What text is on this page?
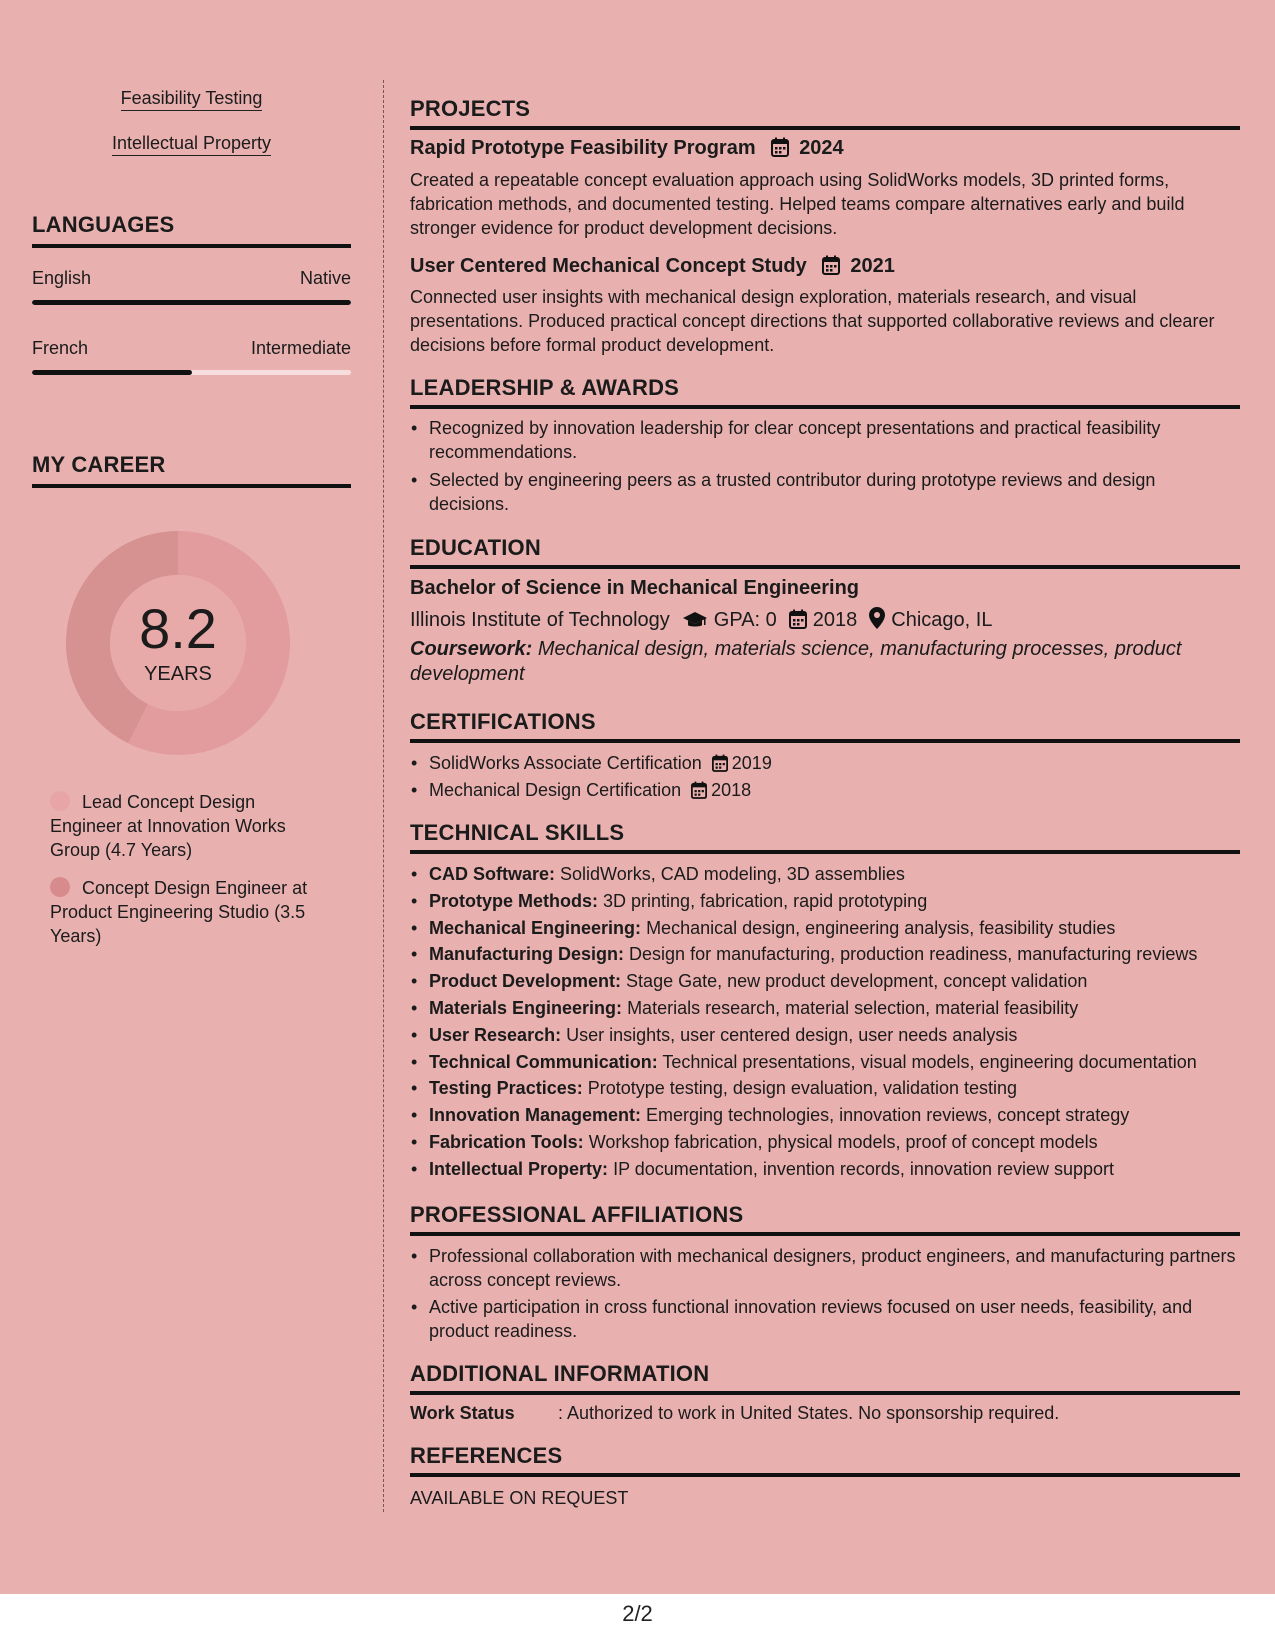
Feasibility Testing
Intellectual Property
LANGUAGES
English	Native
French	Intermediate
MY CAREER
8.2
YEARS
Lead Concept Design Engineer at Innovation Works Group (4.7 Years)
Concept Design Engineer at Product Engineering Studio (3.5 Years)
PROJECTS
Rapid Prototype Feasibility Program 2024
Created a repeatable concept evaluation approach using SolidWorks models, 3D printed forms, fabrication methods, and documented testing. Helped teams compare alternatives early and build stronger evidence for product development decisions.
User Centered Mechanical Concept Study 2021
Connected user insights with mechanical design exploration, materials research, and visual presentations. Produced practical concept directions that supported collaborative reviews and clearer decisions before formal product development.
LEADERSHIP & AWARDS
• Recognized by innovation leadership for clear concept presentations and practical feasibility recommendations.
• Selected by engineering peers as a trusted contributor during prototype reviews and design decisions.
EDUCATION
Bachelor of Science in Mechanical Engineering
Illinois Institute of Technology GPA: 0 2018 Chicago, IL
Coursework: Mechanical design, materials science, manufacturing processes, product development
CERTIFICATIONS
• SolidWorks Associate Certification 2019
• Mechanical Design Certification 2018
TECHNICAL SKILLS
• CAD Software: SolidWorks, CAD modeling, 3D assemblies
• Prototype Methods: 3D printing, fabrication, rapid prototyping
• Mechanical Engineering: Mechanical design, engineering analysis, feasibility studies
• Manufacturing Design: Design for manufacturing, production readiness, manufacturing reviews
• Product Development: Stage Gate, new product development, concept validation
• Materials Engineering: Materials research, material selection, material feasibility
• User Research: User insights, user centered design, user needs analysis
• Technical Communication: Technical presentations, visual models, engineering documentation
• Testing Practices: Prototype testing, design evaluation, validation testing
• Innovation Management: Emerging technologies, innovation reviews, concept strategy
• Fabrication Tools: Workshop fabrication, physical models, proof of concept models
• Intellectual Property: IP documentation, invention records, innovation review support
PROFESSIONAL AFFILIATIONS
• Professional collaboration with mechanical designers, product engineers, and manufacturing partners across concept reviews.
• Active participation in cross functional innovation reviews focused on user needs, feasibility, and product readiness.
ADDITIONAL INFORMATION
Work Status : Authorized to work in United States. No sponsorship required.
REFERENCES
AVAILABLE ON REQUEST
2/2
